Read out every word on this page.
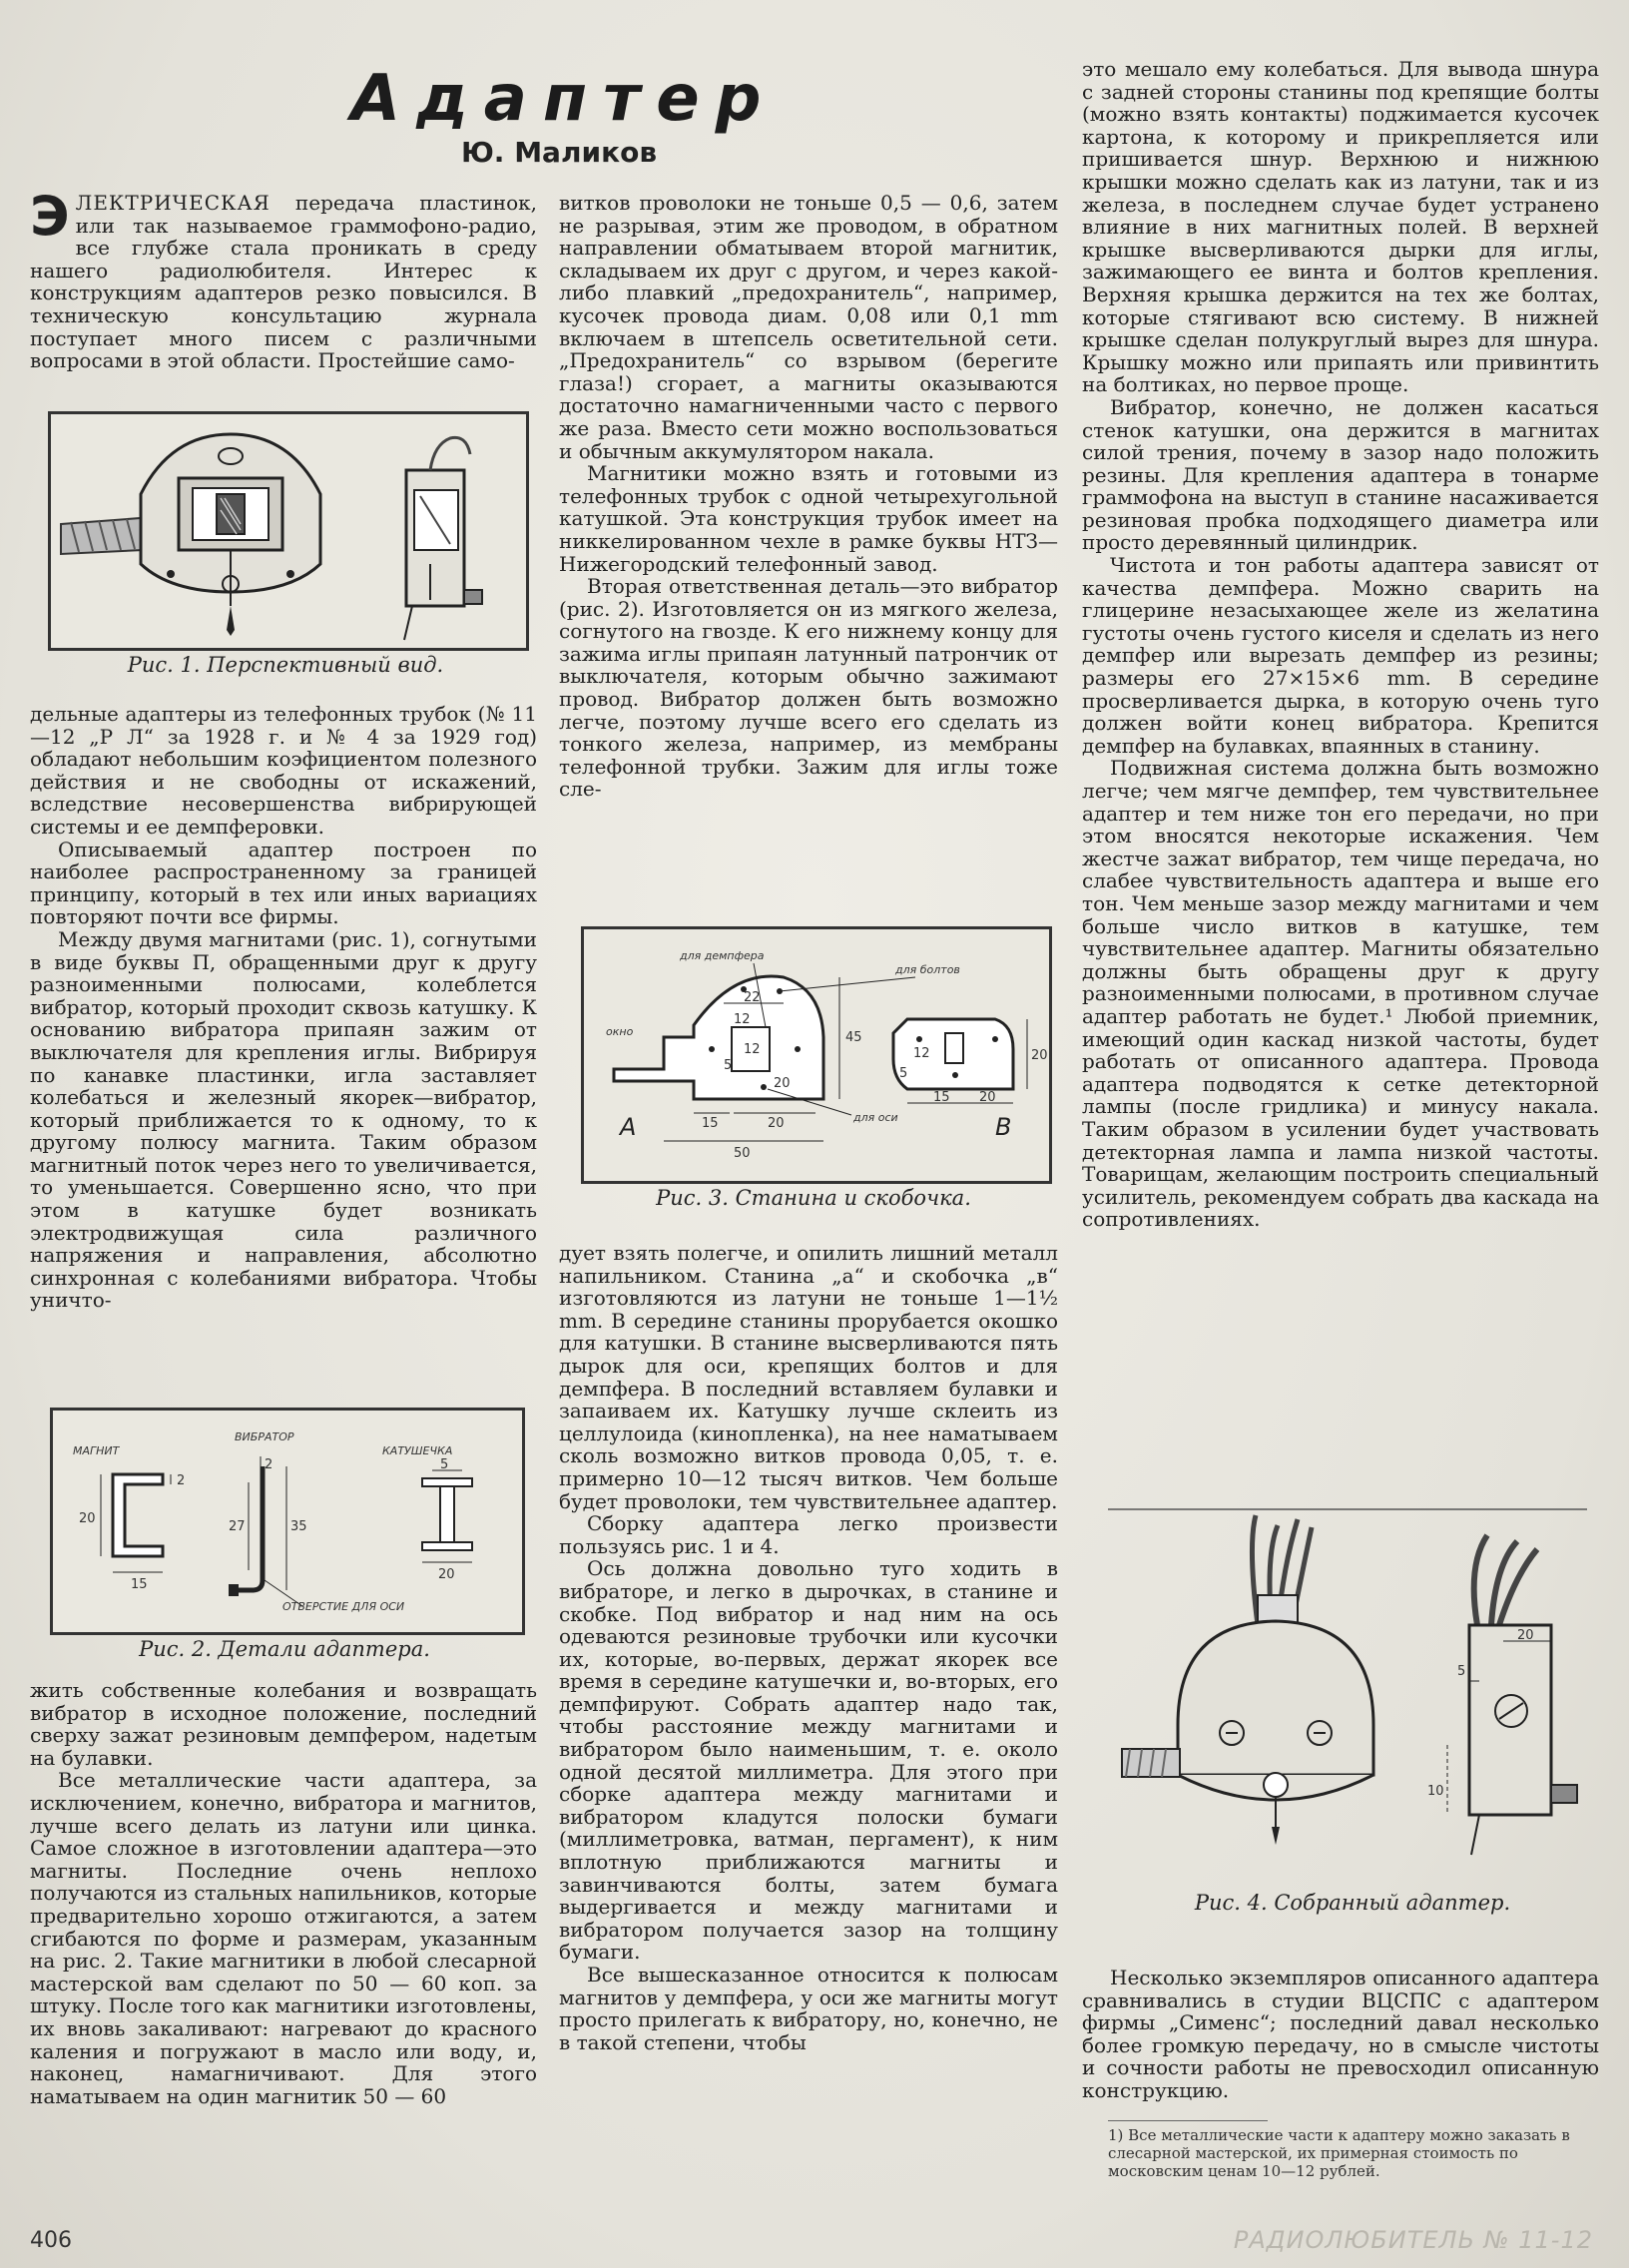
Адаптер
Ю. Маликов

ЭЛЕКТРИЧЕСКАЯ передача пластинок, или так называемое граммофоно-радио, все глубже стала проникать в среду нашего радиолюбителя. Интерес к конструкциям адаптеров резко повысился. В техническую консультацию журнала поступает много писем с различными вопросами в этой области. Простейшие само-

Рис. 1. Перспективный вид.

дельные адаптеры из телефонных трубок (№ 11—12 „Р Л“ за 1928 г. и № 4 за 1929 год) обладают небольшим коэфициентом полезного действия и не свободны от искажений, вследствие несовершенства вибрирующей системы и ее демпферовки.

Описываемый адаптер построен по наиболее распространенному за границей принципу, который в тех или иных вариациях повторяют почти все фирмы.

Между двумя магнитами (рис. 1), согнутыми в виде буквы П, обращенными друг к другу разноименными полюсами, колеблется вибратор, который проходит сквозь катушку. К основанию вибратора припаян зажим от выключателя для крепления иглы. Вибрируя по канавке пластинки, игла заставляет колебаться и железный якорек—вибратор, который приближается то к одному, то к другому полюсу магнита. Таким образом магнитный поток через него то увеличивается, то уменьшается. Совершенно ясно, что при этом в катушке будет возникать электродвижущая сила различного напряжения и направления, абсолютно синхронная с колебаниями вибратора. Чтобы уничто-

МАГНИТ
ВИБРАТОР
КАТУШЕЧКА
2
20
15
2
27	35
ОТВЕРСТИЕ ДЛЯ ОСИ
5
20
Рис. 2. Детали адаптера.

жить собственные колебания и возвращать вибратор в исходное положение, последний сверху зажат резиновым демпфером, надетым на булавки.

Все металлические части адаптера, за исключением, конечно, вибратора и магнитов, лучше всего делать из латуни или цинка. Самое сложное в изготовлении адаптера—это магниты. Последние очень неплохо получаются из стальных напильников, которые предварительно хорошо отжигаются, а затем сгибаются по форме и размерам, указанным на рис. 2. Такие магнитики в любой слесарной мастерской вам сделают по 50 — 60 коп. за штуку. После того как магнитики изготовлены, их вновь закаливают: нагревают до красного каления и погружают в масло или воду, и, наконец, намагничивают. Для этого наматываем на один магнитик 50 — 60

витков проволоки не тоньше 0,5 — 0,6, затем не разрывая, этим же проводом, в обратном направлении обматываем второй магнитик, складываем их друг с другом, и через какой-либо плавкий „предохранитель“, например, кусочек провода диам. 0,08 или 0,1 mm включаем в штепсель осветительной сети. „Предохранитель“ со взрывом (берегите глаза!) сгорает, а магниты оказываются достаточно намагниченными часто с первого же раза. Вместо сети можно воспользоваться и обычным аккумулятором накала.

Магнитики можно взять и готовыми из телефонных трубок с одной четырехугольной катушкой. Эта конструкция трубок имеет на никкелированном чехле в рамке буквы НТЗ—Нижегородский телефонный завод.

Вторая ответственная деталь—это вибратор (рис. 2). Изготовляется он из мягкого железа, согнутого на гвозде. К его нижнему концу для зажима иглы припаян латунный патрончик от выключателя, которым обычно зажимают провод. Вибратор должен быть возможно легче, поэтому лучше всего его сделать из тонкого железа, например, из мембраны телефонной трубки. Зажим для иглы тоже сле-

для демпфера
для болтов
окно
22
12
12
5
20
45
15	20
50
А	для оси
12	20
5
20
15
В
Рис. 3. Станина и скобочка.

дует взять полегче, и опилить лишний металл напильником. Станина „а“ и скобочка „в“ изготовляются из латуни не тоньше 1—1½ mm. В середине станины прорубается окошко для катушки. В станине высверливаются пять дырок для оси, крепящих болтов и для демпфера. В последний вставляем булавки и запаиваем их. Катушку лучше склеить из целлулоида (кинопленка), на нее наматываем сколь возможно витков провода 0,05, т. е. примерно 10—12 тысяч витков. Чем больше будет проволоки, тем чувствительнее адаптер.

Сборку адаптера легко произвести пользуясь рис. 1 и 4.

Ось должна довольно туго ходить в вибраторе, и легко в дырочках, в станине и скобке. Под вибратор и над ним на ось одеваются резиновые трубочки или кусочки их, которые, во-первых, держат якорек все время в середине катушечки и, во-вторых, его демпфируют. Собрать адаптер надо так, чтобы расстояние между магнитами и вибратором было наименьшим, т. е. около одной десятой миллиметра. Для этого при сборке адаптера между магнитами и вибратором кладутся полоски бумаги (миллиметровка, ватман, пергамент), к ним вплотную приближаются магниты и завинчиваются болты, затем бумага выдергивается и между магнитами и вибратором получается зазор на толщину бумаги.

Все вышесказанное относится к полюсам магнитов у демпфера, у оси же магниты могут просто прилегать к вибратору, но, конечно, не в такой степени, чтобы

это мешало ему колебаться. Для вывода шнура с задней стороны станины под крепящие болты (можно взять контакты) поджимается кусочек картона, к которому и прикрепляется или пришивается шнур. Верхнюю и нижнюю крышки можно сделать как из латуни, так и из железа, в последнем случае будет устранено влияние в них магнитных полей. В верхней крышке высверливаются дырки для иглы, зажимающего ее винта и болтов крепления. Верхняя крышка держится на тех же болтах, которые стягивают всю систему. В нижней крышке сделан полукруглый вырез для шнура. Крышку можно или припаять или привинтить на болтиках, но первое проще.

Вибратор, конечно, не должен касаться стенок катушки, она держится в магнитах силой трения, почему в зазор надо положить резины. Для крепления адаптера в тонарме граммофона на выступ в станине насаживается резиновая пробка подходящего диаметра или просто деревянный цилиндрик.

Чистота и тон работы адаптера зависят от качества демпфера. Можно сварить на глицерине незасыхающее желе из желатина густоты очень густого киселя и сделать из него демпфер или вырезать демпфер из резины; размеры его 27×15×6 mm. В середине просверливается дырка, в которую очень туго должен войти конец вибратора. Крепится демпфер на булавках, впаянных в станину.

Подвижная система должна быть возможно легче; чем мягче демпфер, тем чувствительнее адаптер и тем ниже тон его передачи, но при этом вносятся некоторые искажения. Чем жестче зажат вибратор, тем чище передача, но слабее чувствительность адаптера и выше его тон. Чем меньше зазор между магнитами и чем больше число витков в катушке, тем чувствительнее адаптер. Магниты обязательно должны быть обращены друг к другу разноименными полюсами, в противном случае адаптер работать не будет.¹ Любой приемник, имеющий один каскад низкой частоты, будет работать от описанного адаптера. Провода адаптера подводятся к сетке детекторной лампы (после гридлика) и минусу накала. Таким образом в усилении будет участвовать детекторная лампа и лампа низкой частоты. Товарищам, желающим построить специальный усилитель, рекомендуем собрать два каскада на сопротивлениях.

20
5
10
Рис. 4. Собранный адаптер.

Несколько экземпляров описанного адаптера сравнивались в студии ВЦСПС с адаптером фирмы „Сименс“; последний давал несколько более громкую передачу, но в смысле чистоты и сочности работы не превосходил описанную конструкцию.

1) Все металлические части к адаптеру можно заказать в слесарной мастерской, их примерная стоимость по московским ценам 10—12 рублей.
406	РАДИОЛЮБИТЕЛЬ № 11-12
